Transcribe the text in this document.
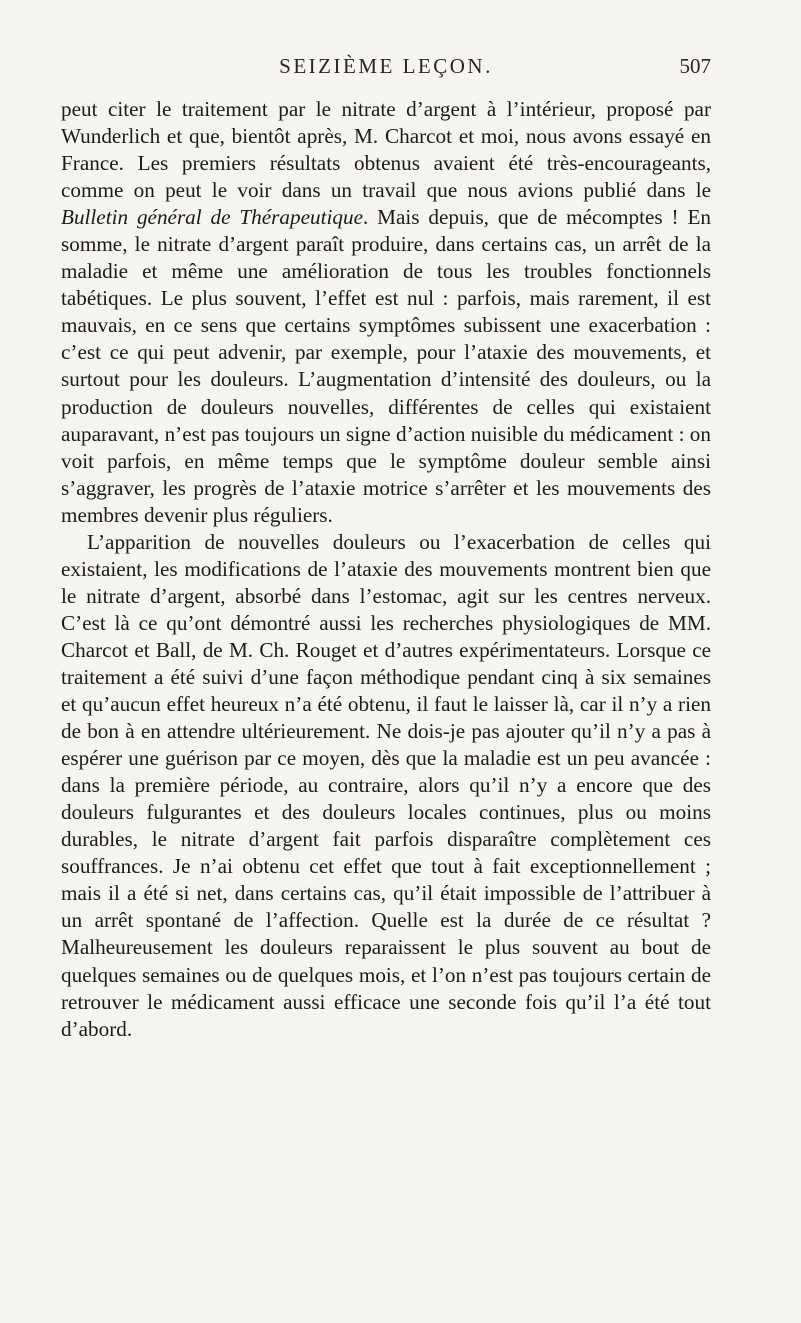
SEIZIÈME LEÇON.	507

peut citer le traitement par le nitrate d’argent à l’intérieur, proposé par Wunderlich et que, bientôt après, M. Charcot et moi, nous avons essayé en France. Les premiers résultats obtenus avaient été très-encourageants, comme on peut le voir dans un travail que nous avions publié dans le Bulletin général de Thérapeutique. Mais depuis, que de mécomptes ! En somme, le nitrate d’argent paraît produire, dans certains cas, un arrêt de la maladie et même une amélioration de tous les troubles fonctionnels tabétiques. Le plus souvent, l’effet est nul : parfois, mais rarement, il est mauvais, en ce sens que certains symptômes subissent une exacerbation : c’est ce qui peut advenir, par exemple, pour l’ataxie des mouvements, et surtout pour les douleurs. L’augmentation d’intensité des douleurs, ou la production de douleurs nouvelles, différentes de celles qui existaient auparavant, n’est pas toujours un signe d’action nuisible du médicament : on voit parfois, en même temps que le symptôme douleur semble ainsi s’aggraver, les progrès de l’ataxie motrice s’arrêter et les mouvements des membres devenir plus réguliers.

L’apparition de nouvelles douleurs ou l’exacerbation de celles qui existaient, les modifications de l’ataxie des mouvements montrent bien que le nitrate d’argent, absorbé dans l’estomac, agit sur les centres nerveux. C’est là ce qu’ont démontré aussi les recherches physiologiques de MM. Charcot et Ball, de M. Ch. Rouget et d’autres expérimentateurs. Lorsque ce traitement a été suivi d’une façon méthodique pendant cinq à six semaines et qu’aucun effet heureux n’a été obtenu, il faut le laisser là, car il n’y a rien de bon à en attendre ultérieurement. Ne dois-je pas ajouter qu’il n’y a pas à espérer une guérison par ce moyen, dès que la maladie est un peu avancée : dans la première période, au contraire, alors qu’il n’y a encore que des douleurs fulgurantes et des douleurs locales continues, plus ou moins durables, le nitrate d’argent fait parfois disparaître complètement ces souffrances. Je n’ai obtenu cet effet que tout à fait exceptionnellement ; mais il a été si net, dans certains cas, qu’il était impossible de l’attribuer à un arrêt spontané de l’affection. Quelle est la durée de ce résultat ? Malheureusement les douleurs reparaissent le plus souvent au bout de quelques semaines ou de quelques mois, et l’on n’est pas toujours certain de retrouver le médicament aussi efficace une seconde fois qu’il l’a été tout d’abord.
